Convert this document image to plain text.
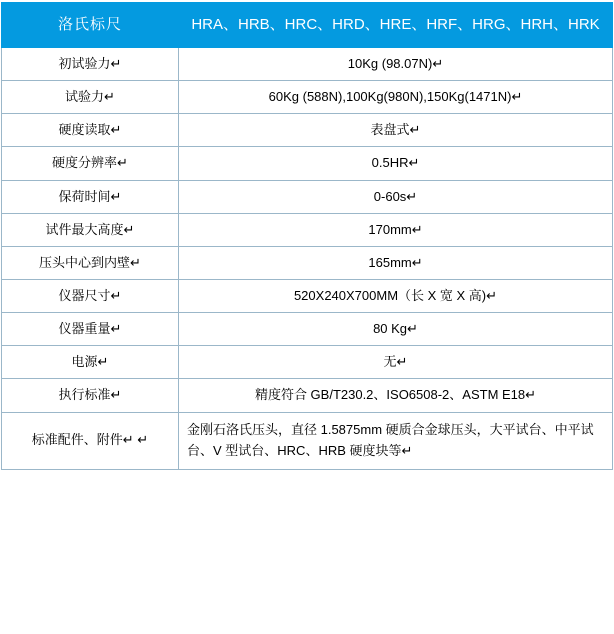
洛氏标尺	HRA、HRB、HRC、HRD、HRE、HRF、HRG、HRH、HRK
初试验力↵	10Kg (98.07N)↵
试验力↵	60Kg (588N),100Kg(980N),150Kg(1471N)↵
硬度读取↵	表盘式↵
硬度分辨率↵	0.5HR↵
保荷时间↵	0-60s↵
试件最大高度↵	170mm↵
压头中心到内壁↵	165mm↵
仪器尺寸↵	520X240X700MM（长 X 宽 X 高)↵
仪器重量↵	80 Kg↵
电源↵	无↵
执行标准↵	精度符合 GB/T230.2、ISO6508-2、ASTM E18↵
标准配件、附件↵ ↵	金刚石洛氏压头，直径 1.5875mm 硬质合金球压头，大平试台、中平试台、V 型试台、HRC、HRB 硬度块等↵
